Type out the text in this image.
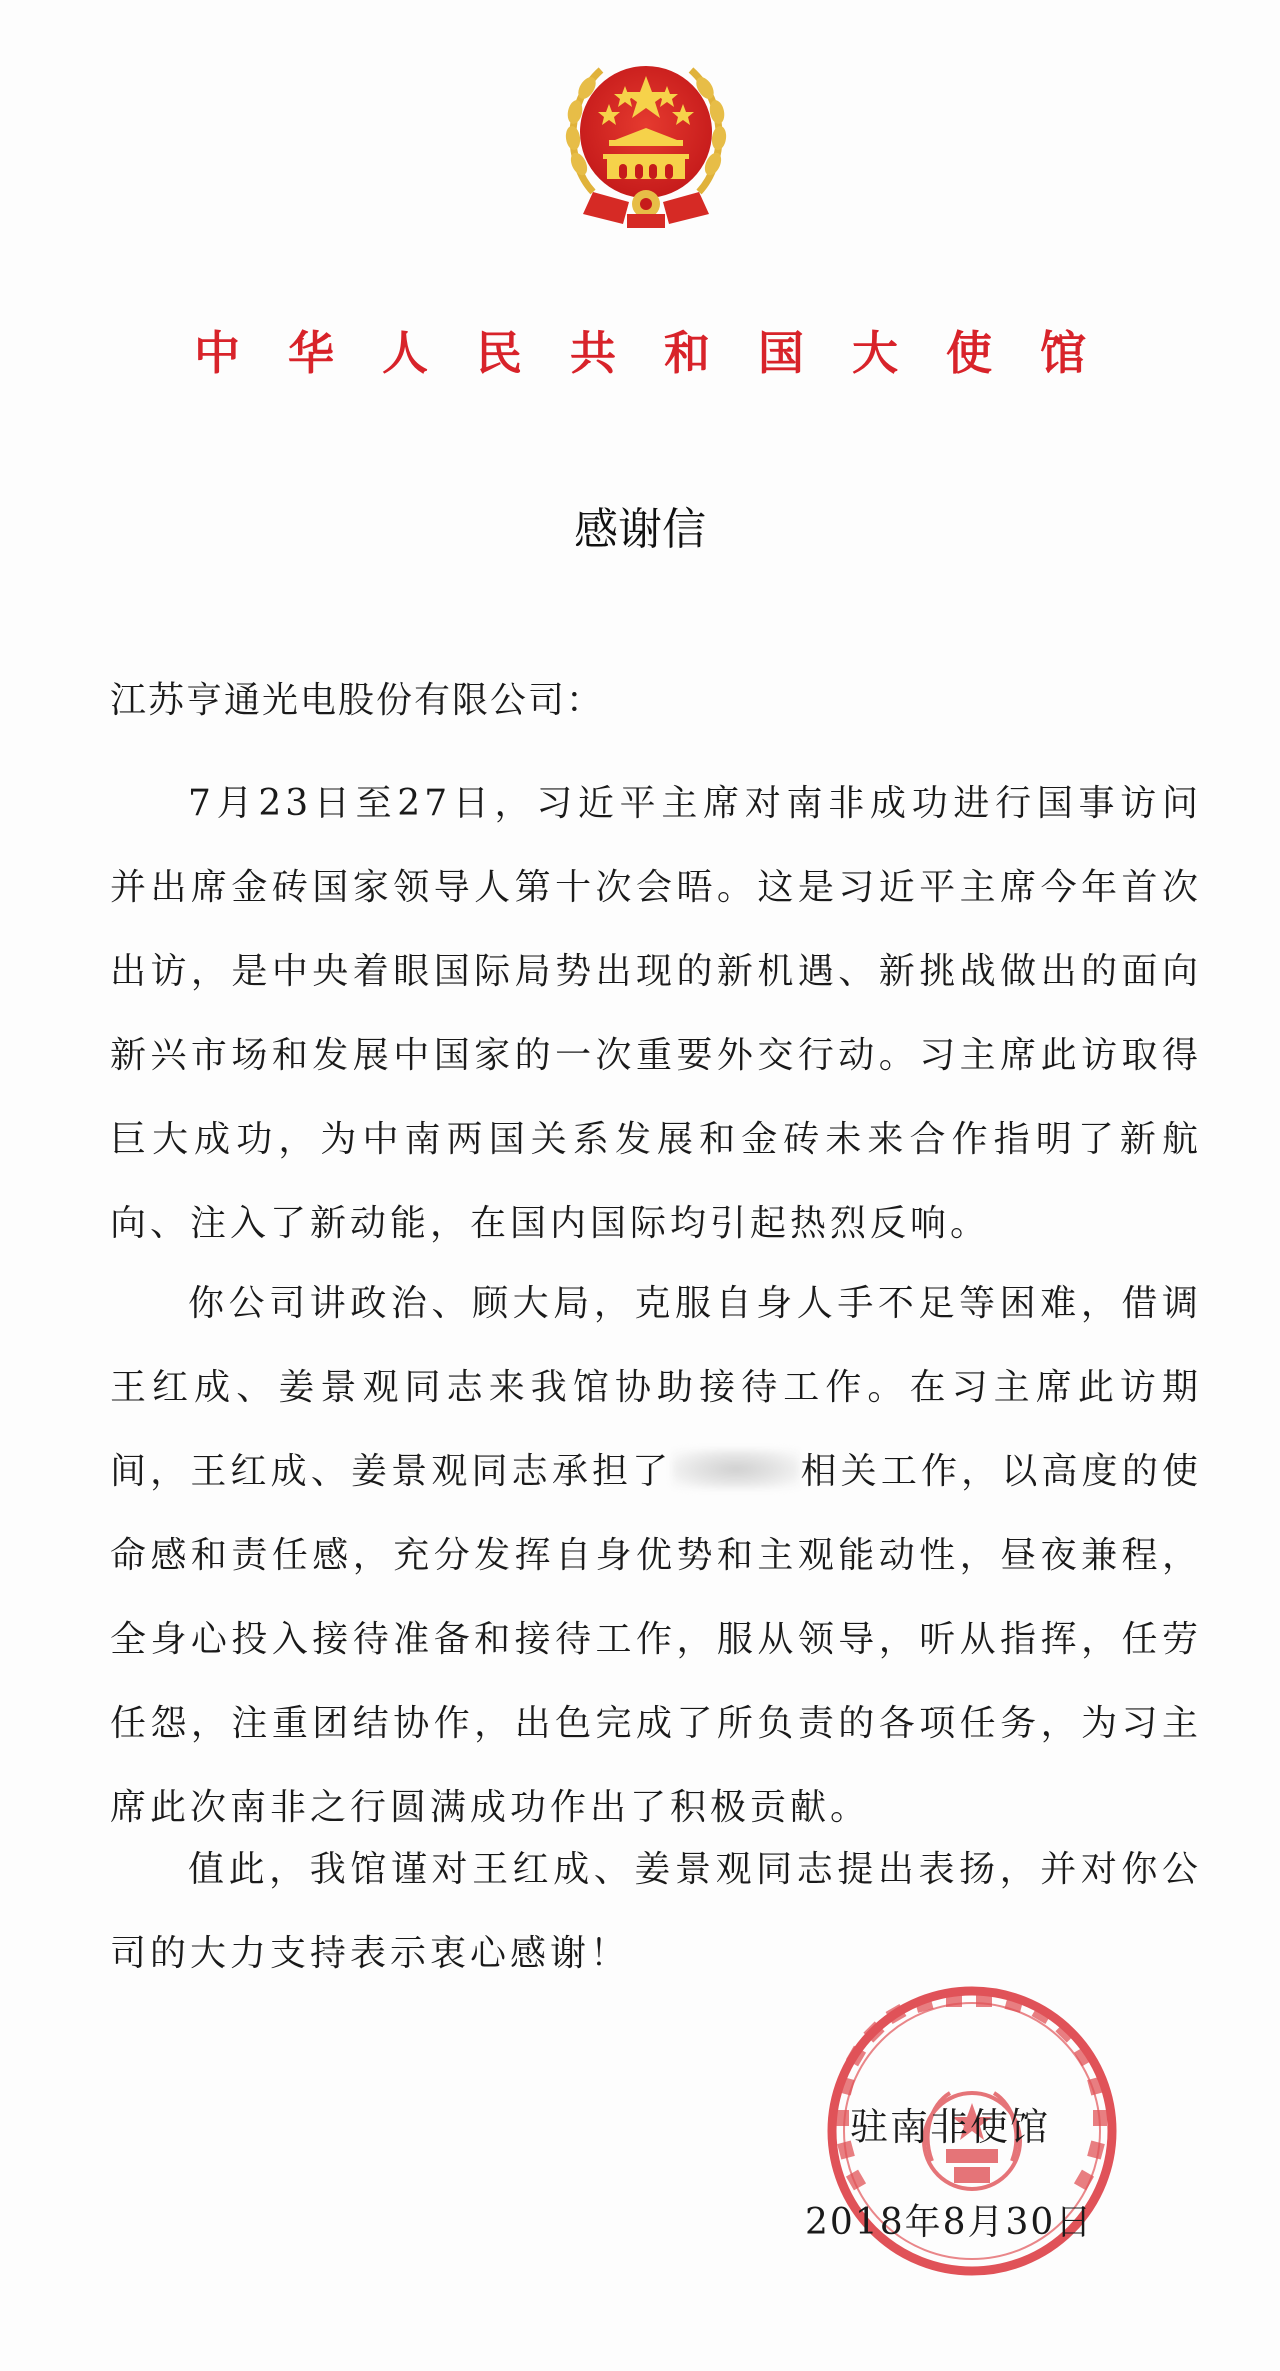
中华人民共和国大使馆
感谢信
江苏亨通光电股份有限公司：

7月23日至27日，习近平主席对南非成功进行国事访问并出席金砖国家领导人第十次会晤。这是习近平主席今年首次出访，是中央着眼国际局势出现的新机遇、新挑战做出的面向新兴市场和发展中国家的一次重要外交行动。习主席此访取得巨大成功，为中南两国关系发展和金砖未来合作指明了新航向、注入了新动能，在国内国际均引起热烈反响。

你公司讲政治、顾大局，克服自身人手不足等困难，借调王红成、姜景观同志来我馆协助接待工作。在习主席此访期间，王红成、姜景观同志承担了	相关工作，以高度的使命感和责任感，充分发挥自身优势和主观能动性，昼夜兼程，全身心投入接待准备和接待工作，服从领导，听从指挥，任劳任怨，注重团结协作，出色完成了所负责的各项任务，为习主席此次南非之行圆满成功作出了积极贡献。

值此，我馆谨对王红成、姜景观同志提出表扬，并对你公司的大力支持表示衷心感谢！

驻南非使馆
2018年8月30日
